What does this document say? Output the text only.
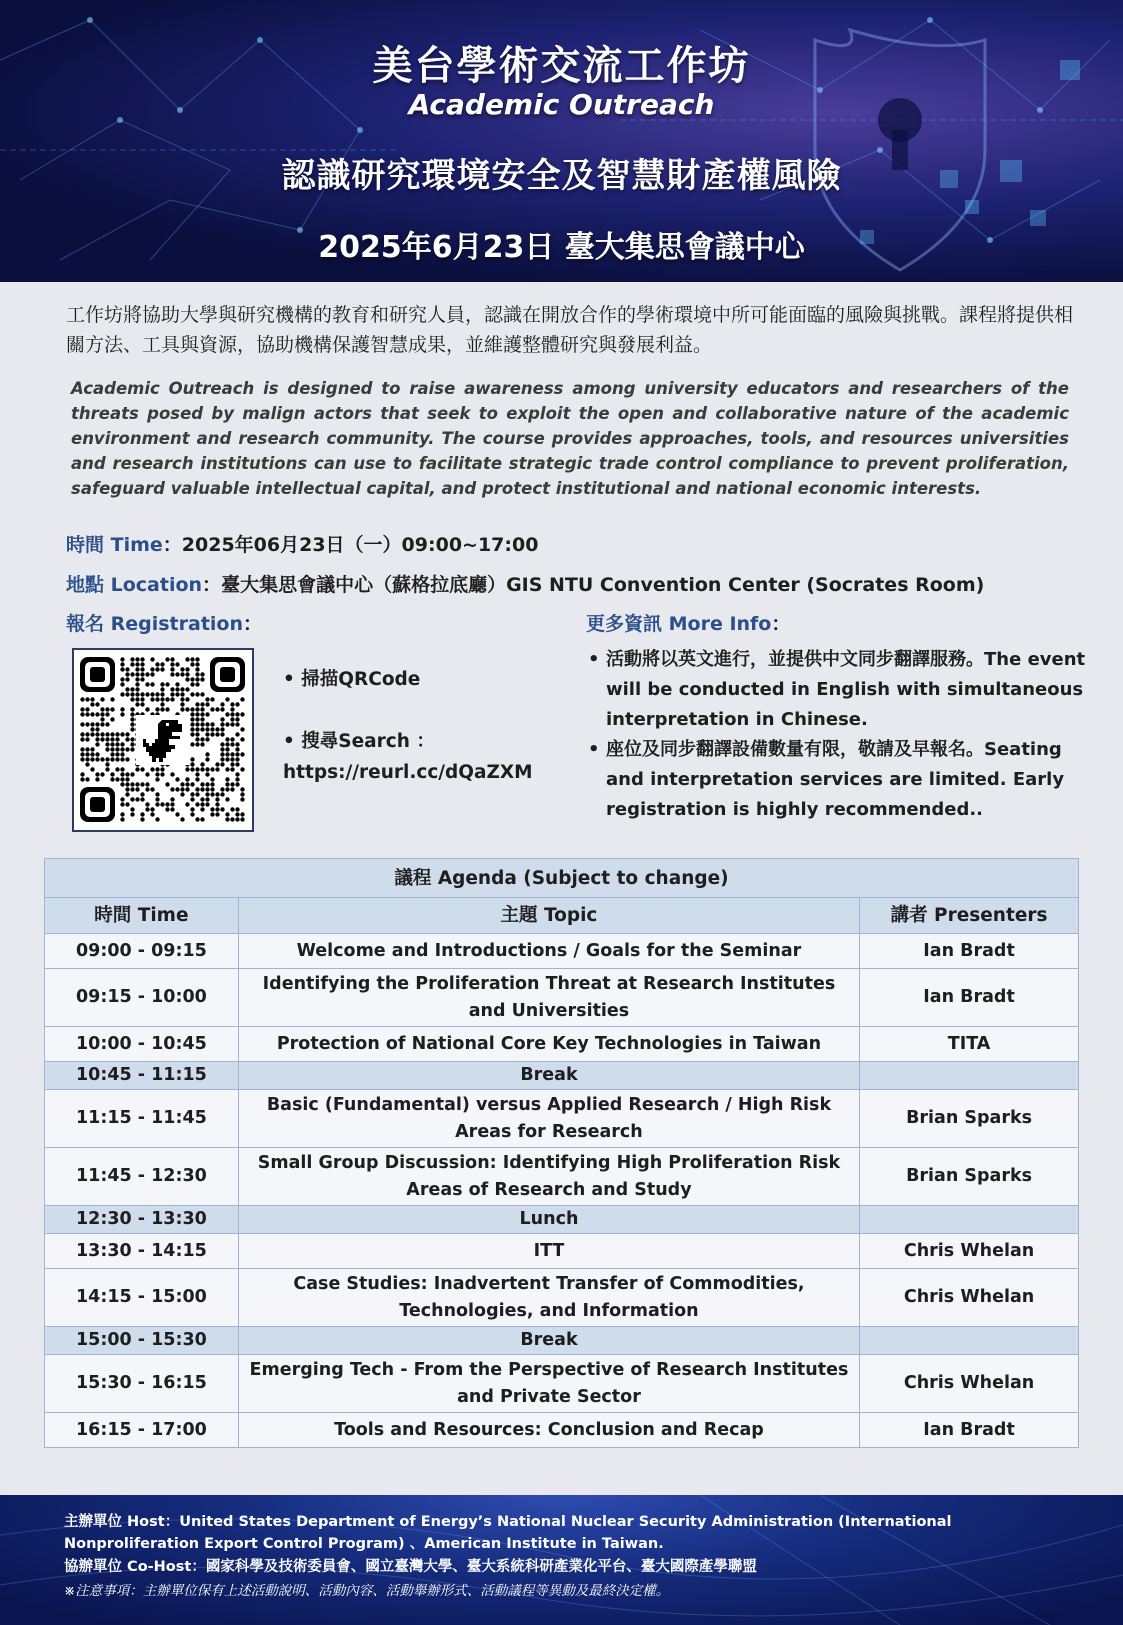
美台學術交流工作坊
Academic Outreach
認識研究環境安全及智慧財產權風險
2025年6月23日 臺大集思會議中心
工作坊將協助大學與研究機構的教育和研究人員，認識在開放合作的學術環境中所可能面臨的風險與挑戰。課程將提供相關方法、工具與資源，協助機構保護智慧成果，並維護整體研究與發展利益。
Academic Outreach is designed to raise awareness among university educators and researchers of the threats posed by malign actors that seek to exploit the open and collaborative nature of the academic environment and research community. The course provides approaches, tools, and resources universities and research institutions can use to facilitate strategic trade control compliance to prevent proliferation, safeguard valuable intellectual capital, and protect institutional and national economic interests.
時間 Time：2025年06月23日（一）09:00~17:00
地點 Location：臺大集思會議中心（蘇格拉底廳）GIS NTU Convention Center (Socrates Room)
報名 Registration：
• 掃描QRCode
• 搜尋Search ：
https://reurl.cc/dQaZXM
更多資訊 More Info：
• 活動將以英文進行，並提供中文同步翻譯服務。The event will be conducted in English with simultaneous interpretation in Chinese.
• 座位及同步翻譯設備數量有限，敬請及早報名。Seating and interpretation services are limited. Early registration is highly recommended..
議程 Agenda (Subject to change)		
時間 Time	主題 Topic	講者 Presenters
09:00 - 09:15	Welcome and Introductions / Goals for the Seminar	Ian Bradt
09:15 - 10:00	Identifying the Proliferation Threat at Research Institutes and Universities	Ian Bradt
10:00 - 10:45	Protection of National Core Key Technologies in Taiwan	TITA
10:45 - 11:15	Break	
11:15 - 11:45	Basic (Fundamental) versus Applied Research / High Risk Areas for Research	Brian Sparks
11:45 - 12:30	Small Group Discussion: Identifying High Proliferation Risk Areas of Research and Study	Brian Sparks
12:30 - 13:30	Lunch	
13:30 - 14:15	ITT	Chris Whelan
14:15 - 15:00	Case Studies: Inadvertent Transfer of Commodities, Technologies, and Information	Chris Whelan
15:00 - 15:30	Break	
15:30 - 16:15	Emerging Tech - From the Perspective of Research Institutes and Private Sector	Chris Whelan
16:15 - 17:00	Tools and Resources: Conclusion and Recap	Ian Bradt
主辦單位 Host：United States Department of Energy’s National Nuclear Security Administration (International Nonproliferation Export Control Program) 、American Institute in Taiwan.
協辦單位 Co-Host：國家科學及技術委員會、國立臺灣大學、臺大系統科研產業化平台、臺大國際產學聯盟
※注意事項：主辦單位保有上述活動說明、活動內容、活動舉辦形式、活動議程等異動及最終決定權。
